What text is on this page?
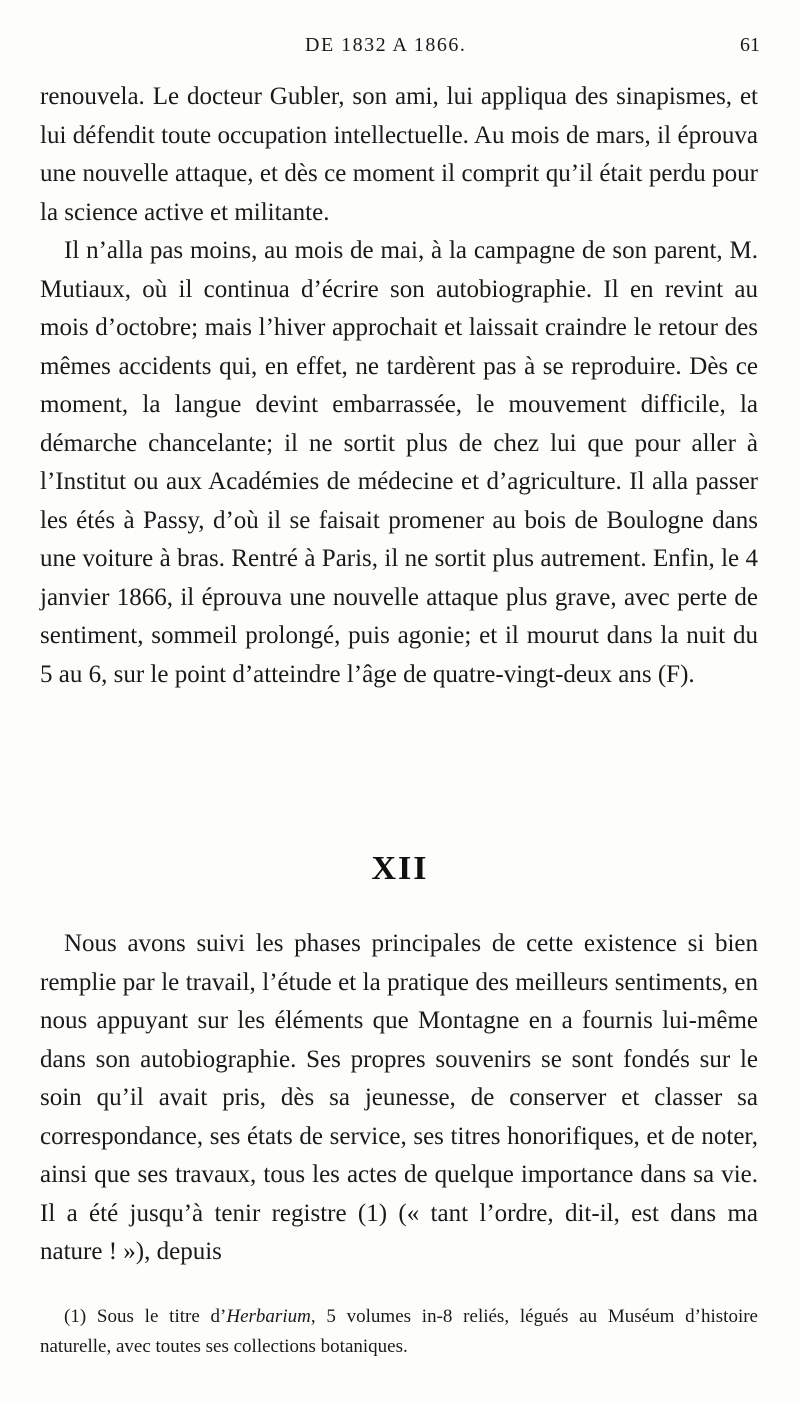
DE 1832 A 1866.	61

renouvela. Le docteur Gubler, son ami, lui appliqua des sinapismes, et lui défendit toute occupation intellectuelle. Au mois de mars, il éprouva une nouvelle attaque, et dès ce moment il comprit qu’il était perdu pour la science active et militante.

Il n’alla pas moins, au mois de mai, à la campagne de son parent, M. Mutiaux, où il continua d’écrire son autobiographie. Il en revint au mois d’octobre; mais l’hiver approchait et laissait craindre le retour des mêmes accidents qui, en effet, ne tardèrent pas à se reproduire. Dès ce moment, la langue devint embarrassée, le mouvement difficile, la démarche chancelante; il ne sortit plus de chez lui que pour aller à l’Institut ou aux Académies de médecine et d’agriculture. Il alla passer les étés à Passy, d’où il se faisait promener au bois de Boulogne dans une voiture à bras. Rentré à Paris, il ne sortit plus autrement. Enfin, le 4 janvier 1866, il éprouva une nouvelle attaque plus grave, avec perte de sentiment, sommeil prolongé, puis agonie; et il mourut dans la nuit du 5 au 6, sur le point d’atteindre l’âge de quatre-vingt-deux ans (F).

XII

Nous avons suivi les phases principales de cette existence si bien remplie par le travail, l’étude et la pratique des meilleurs sentiments, en nous appuyant sur les éléments que Montagne en a fournis lui-même dans son autobiographie. Ses propres souvenirs se sont fondés sur le soin qu’il avait pris, dès sa jeunesse, de conserver et classer sa correspondance, ses états de service, ses titres honorifiques, et de noter, ainsi que ses travaux, tous les actes de quelque importance dans sa vie. Il a été jusqu’à tenir registre (1) (« tant l’ordre, dit-il, est dans ma nature ! »), depuis

(1) Sous le titre d’Herbarium, 5 volumes in-8 reliés, légués au Muséum d’histoire naturelle, avec toutes ses collections botaniques.
